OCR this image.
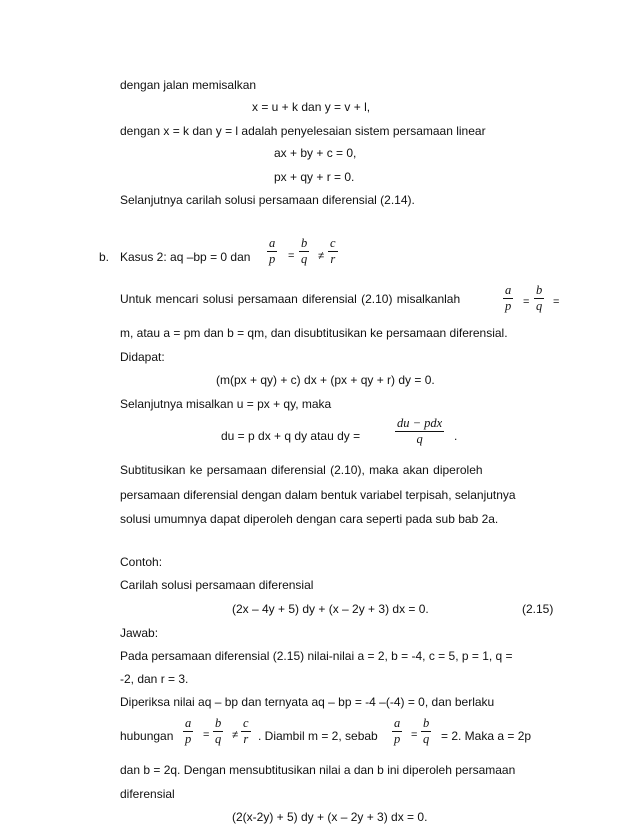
dengan jalan memisalkan
x = u + k dan y = v + l,
dengan x = k dan y = l adalah penyelesaian sistem persamaan linear
ax + by + c = 0,
px + qy + r = 0.
Selanjutnya carilah solusi persamaan diferensial (2.14).
b. Kasus 2: aq –bp = 0 dan
a
p =
b
q ≠
c
r
Untuk mencari solusi persamaan diferensial (2.10) misalkanlah
a
p =
b
q =
m, atau a = pm dan b = qm, dan disubtitusikan ke persamaan diferensial.
Didapat:
(m(px + qy) + c) dx + (px + qy + r) dy = 0.
Selanjutnya misalkan u = px + qy, maka
du = p dx + q dy atau dy =
du − pdx
q	.
Subtitusikan ke persamaan diferensial (2.10), maka akan diperoleh
persamaan diferensial dengan dalam bentuk variabel terpisah, selanjutnya
solusi umumnya dapat diperoleh dengan cara seperti pada sub bab 2a.
Contoh:
Carilah solusi persamaan diferensial
(2x – 4y + 5) dy + (x – 2y + 3) dx = 0.	(2.15)
Jawab:
Pada persamaan diferensial (2.15) nilai-nilai a = 2, b = -4, c = 5, p = 1, q =
-2, dan r = 3.
Diperiksa nilai aq – bp dan ternyata aq – bp = -4 –(-4) = 0, dan berlaku
hubungan
a
p =
b
q ≠
c
r . Diambil m = 2, sebab
a
p =
b
q = 2. Maka a = 2p
dan b = 2q. Dengan mensubtitusikan nilai a dan b ini diperoleh persamaan
diferensial
(2(x-2y) + 5) dy + (x – 2y + 3) dx = 0.
